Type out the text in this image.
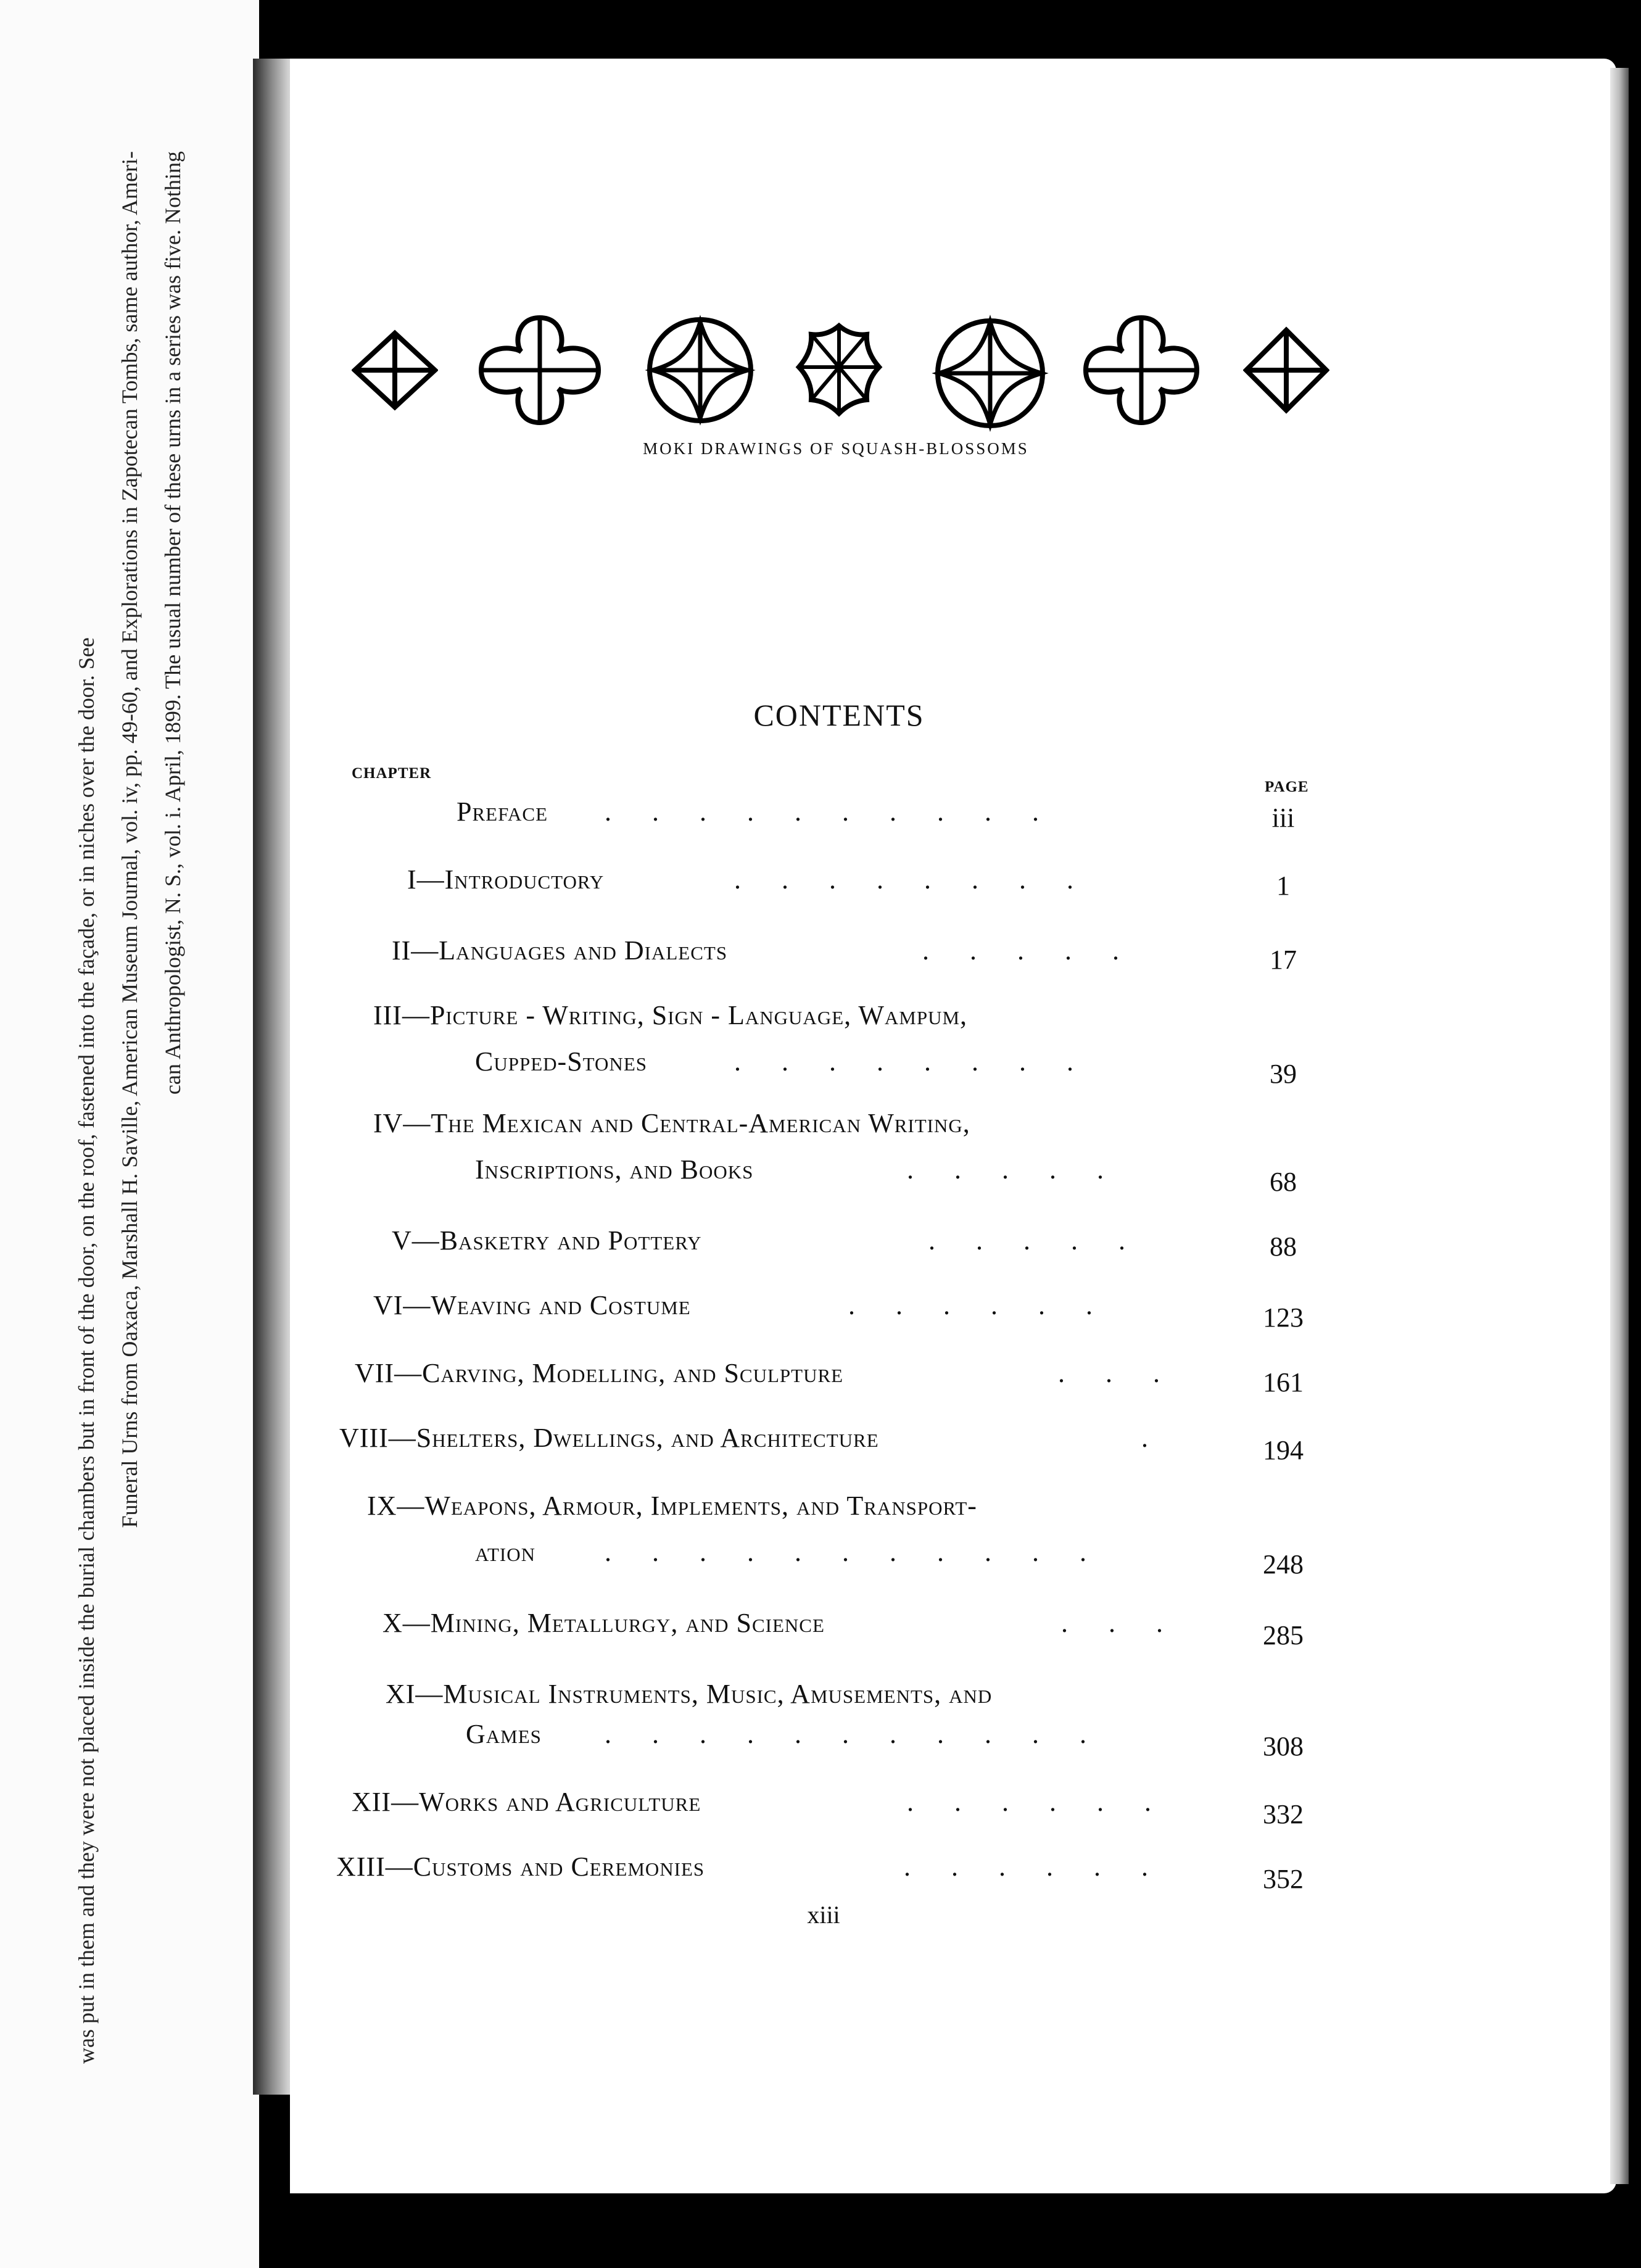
was put in them and they were not placed inside the burial chambers but in front of the door, on the roof, fastened into the façade, or in niches over the door. See Funeral Urns from Oaxaca, Marshall H. Saville, American Museum Journal, vol. iv, pp. 49-60, and Explorations in Zapotecan Tombs, same author, Ameri- can Anthropologist, N. S., vol. i. April, 1899. The usual number of these urns in a series was five. Nothing	MOKI DRAWINGS OF SQUASH-BLOSSOMS
CONTENTS
CHAPTER
PAGE
Preface .  .  .  .  .  .  .  .  .  .	iii
I—Introductory	.  .  .  .  .  .  .  .	1
II—Languages and Dialects	.  .  .  .  .	17
III—Picture - Writing, Sign - Language, Wampum,
Cupped-Stones	.  .  .  .  .  .  .  .	39
IV—The Mexican and Central-American Writing,
Inscriptions, and Books	.  .  .  .  .	68
V—Basketry and Pottery	.  .  .  .  .	88
VI—Weaving and Costume	.  .  .  .  .  .	123
VII—Carving, Modelling, and Sculpture	.  .  .	161
VIII—Shelters, Dwellings, and Architecture	.	194
IX—Weapons, Armour, Implements, and Transport-
ation	.  .  .  .  .  .  .  .  .  .  .	248
X—Mining, Metallurgy, and Science	.  .  .	285
XI—Musical Instruments, Music, Amusements, and
Games .  .  .  .  .  .  .  .  .  .  .	308
XII—Works and Agriculture	.  .  .  .  .  .	332
XIII—Customs and Ceremonies	.  .  .  .  .  .	352
xiii
